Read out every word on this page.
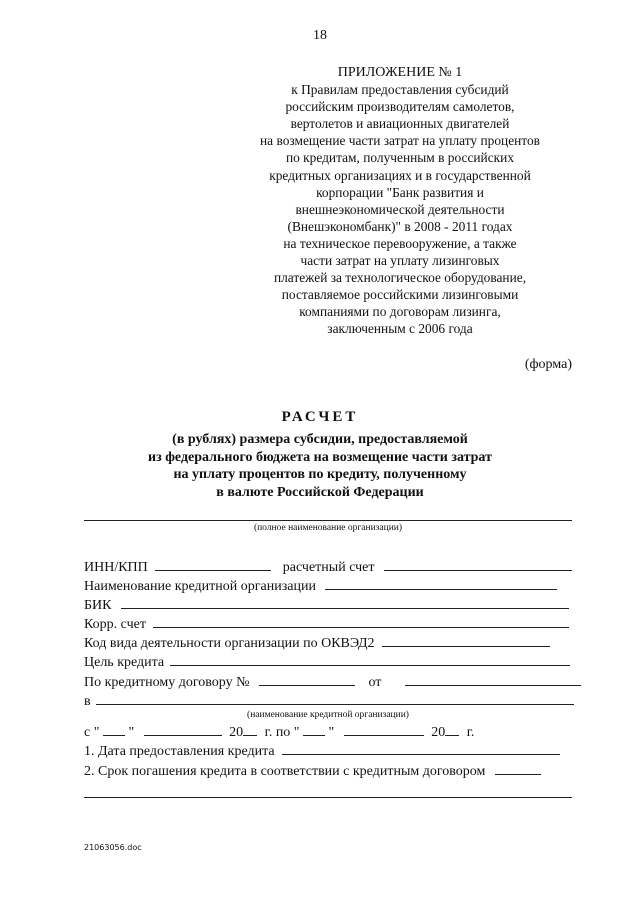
18
ПРИЛОЖЕНИЕ № 1
к Правилам предоставления субсидий
российским производителям самолетов,
вертолетов и авиационных двигателей
на возмещение части затрат на уплату процентов
по кредитам, полученным в российских
кредитных организациях и в государственной
корпорации "Банк развития и
внешнеэкономической деятельности
(Внешэкономбанк)" в 2008 - 2011 годах
на техническое перевооружение, а также
части затрат на уплату лизинговых
платежей за технологическое оборудование,
поставляемое российскими лизинговыми
компаниями по договорам лизинга,
заключенным с 2006 года
(форма)
РАСЧЕТ
(в рублях) размера субсидии, предоставляемой
из федерального бюджета на возмещение части затрат
на уплату процентов по кредиту, полученному
в валюте Российской Федерации
(полное наименование организации)
ИНН/КПП	расчетный счет
Наименование кредитной организации
БИК
Корр. счет
Код вида деятельности организации по ОКВЭД2
Цель кредита
По кредитному договору №	от
в
(наименование кредитной организации)
с " "	20 г. по " "	20 г.
1. Дата предоставления кредита
2. Срок погашения кредита в соответствии с кредитным договором
21063056.doc
